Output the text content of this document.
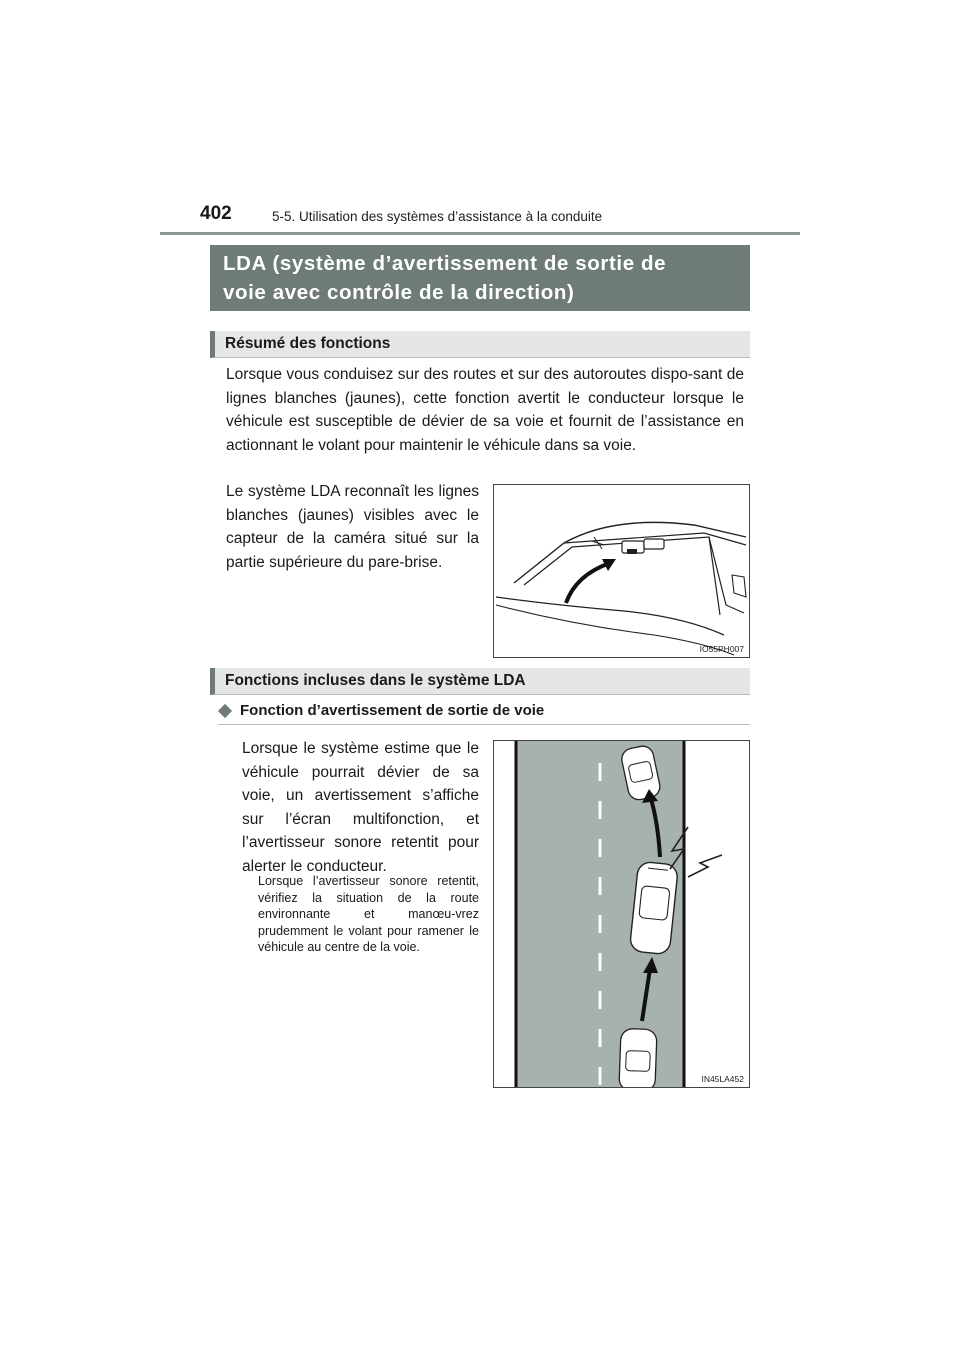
402	5-5. Utilisation des systèmes d’assistance à la conduite
LDA (système d’avertissement de sortie de
voie avec contrôle de la direction)
Résumé des fonctions

Lorsque vous conduisez sur des routes et sur des autoroutes dispo-sant de lignes blanches (jaunes), cette fonction avertit le conducteur lorsque le véhicule est susceptible de dévier de sa voie et fournit de l’assistance en actionnant le volant pour maintenir le véhicule dans sa voie.

Le système LDA reconnaît les lignes blanches (jaunes) visibles avec le capteur de la caméra situé sur la partie supérieure du pare-brise.

IO55PH007
Fonctions incluses dans le système LDA
Fonction d’avertissement de sortie de voie

Lorsque le système estime que le véhicule pourrait dévier de sa voie, un avertissement s’affiche sur l’écran multifonction, et l’avertisseur sonore retentit pour alerter le conducteur.

Lorsque l’avertisseur sonore retentit, vérifiez la situation de la route environnante et manœu-vrez prudemment le volant pour ramener le véhicule au centre de la voie.

IN45LA452
